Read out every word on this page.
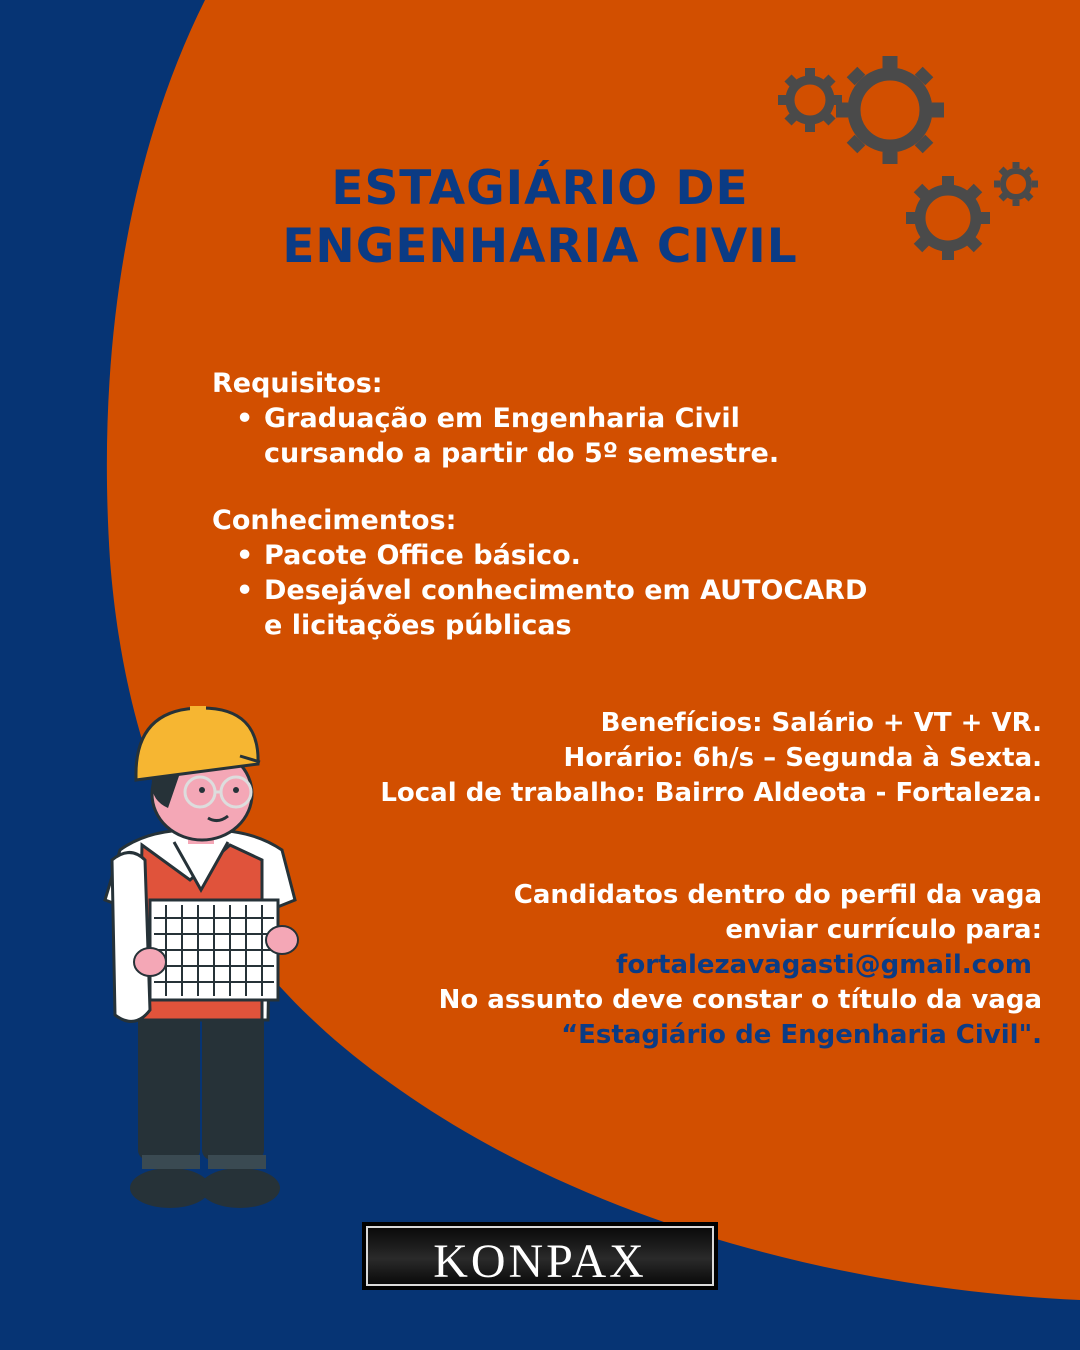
ESTAGIÁRIO DE
ENGENHARIA CIVIL
Requisitos:
• Graduação em Engenharia Civil
cursando a partir do 5º semestre.
Conhecimentos:
• Pacote Office básico.
• Desejável conhecimento em AUTOCARD
e licitações públicas
Benefícios: Salário + VT + VR.
Horário: 6h/s – Segunda à Sexta.
Local de trabalho: Bairro Aldeota - Fortaleza.
Candidatos dentro do perfil da vaga
enviar currículo para:
fortalezavagasti@gmail.com
No assunto deve constar o título da vaga
“Estagiário de Engenharia Civil".
KONPAX
